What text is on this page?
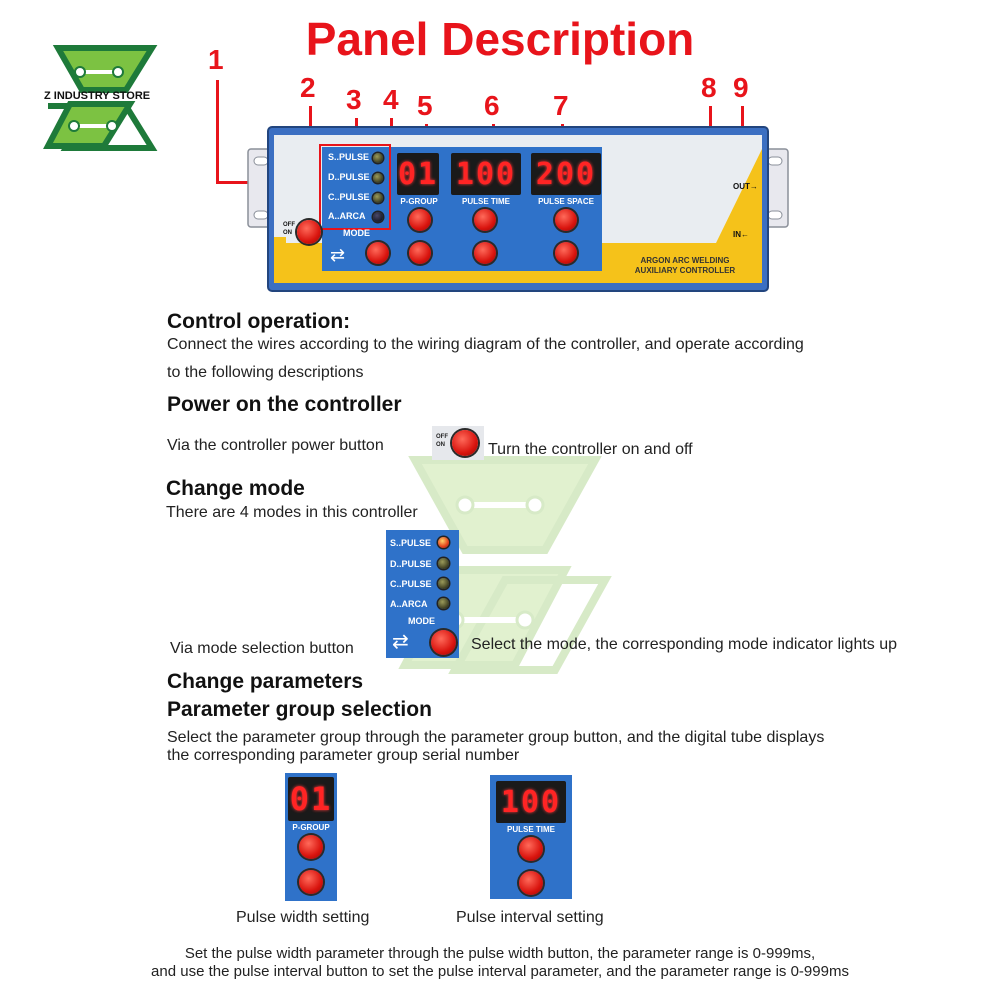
Panel Description
Z INDUSTRY STORE
1
2 3 4 5 6 7
8 9
S..PULSE
D..PULSE
C..PULSE
A..ARCA
MODE
OFF
ON
⇄
01 100 200
P-GROUP	PULSE TIME	PULSE SPACE
ARGON ARC WELDING
AUXILIARY CONTROLLER
OUT→
IN←
Control operation:
Connect the wires according to the wiring diagram of the controller, and operate according
to the following descriptions
Power on the controller
Via the controller power button	OFF
ON	Turn the controller on and off
Change mode
There are 4 modes in this controller
S..PULSE
D..PULSE
C..PULSE
A..ARCA
MODE
⇄
Via mode selection button	Select the mode, the corresponding mode indicator lights up
Change parameters
Parameter group selection
Select the parameter group through the parameter group button, and the digital tube displays
the corresponding parameter group serial number
01
P-GROUP
100
PULSE TIME
Pulse width setting	Pulse interval setting
Set the pulse width parameter through the pulse width button, the parameter range is 0-999ms,
and use the pulse interval button to set the pulse interval parameter, and the parameter range is 0-999ms
